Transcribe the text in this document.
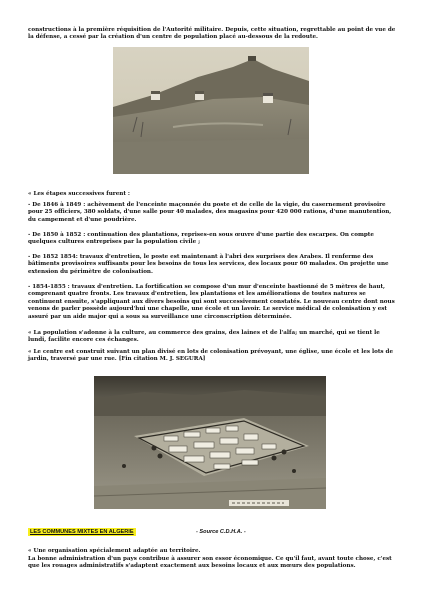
constructions à la première réquisition de l'Autorité militaire. Depuis, cette situation, regrettable au point de vue de la défense, a cessé par la création d'un centre de population placé au-dessous de la redoute.

« Les étapes successives furent :

- De 1846 à 1849 : achèvement de l'enceinte maçonnée du poste et de celle de la vigie, du casernement provisoire pour 25 officiers, 380 soldats, d'une salle pour 40 malades, des magasins pour 420 000 rations, d'une manutention, du campement et d'une poudrière.

- De 1850 à 1852 : continuation des plantations, reprises-en sous œuvre d'une partie des escarpes. On compte quelques cultures entreprises par la population civile ;

- De 1852 1854: travaux d'entretien, le poste est maintenant à l'abri des surprises des Arabes. Il renferme des bâtiments provisoires suffisants pour les besoins de tous les services, des locaux pour 60 malades. On projette une extension du périmètre de colonisation.

- 1854-1855 : travaux d'entretien. La fortification se compose d'un mur d'enceinte bastionné de 5 mètres de haut, comprenant quatre fronts. Les travaux d'entretien, les plantations et les améliorations de toutes natures se continuent ensuite, s'appliquant aux divers besoins qui sont successivement constatés. Le nouveau centre dont nous venons de parler possède aujourd'hui une chapelle, une école et un lavoir. Le service médical de colonisation y est assuré par un aide major qui a sous sa surveillance une circonscription déterminée.

« La population s'adonne à la culture, au commerce des grains, des laines et de l'alfa; un marché, qui se tient le lundi, facilite encore ces échanges.

« Le centre est construit suivant un plan divisé en lots de colonisation prévoyant, une église, une école et les lots de jardin, traversé par une rue. [Fin citation M. J. SEGURA]

LES COMMUNES MIXTES EN ALGERIE	- Source C.D.H.A. -

« Une organisation spécialement adaptée au territoire.

La bonne administration d'un pays contribue à assurer son essor économique. Ce qu'il faut, avant toute chose, c'est que les rouages administratifs s'adaptent exactement aux besoins locaux et aux mœurs des populations.
